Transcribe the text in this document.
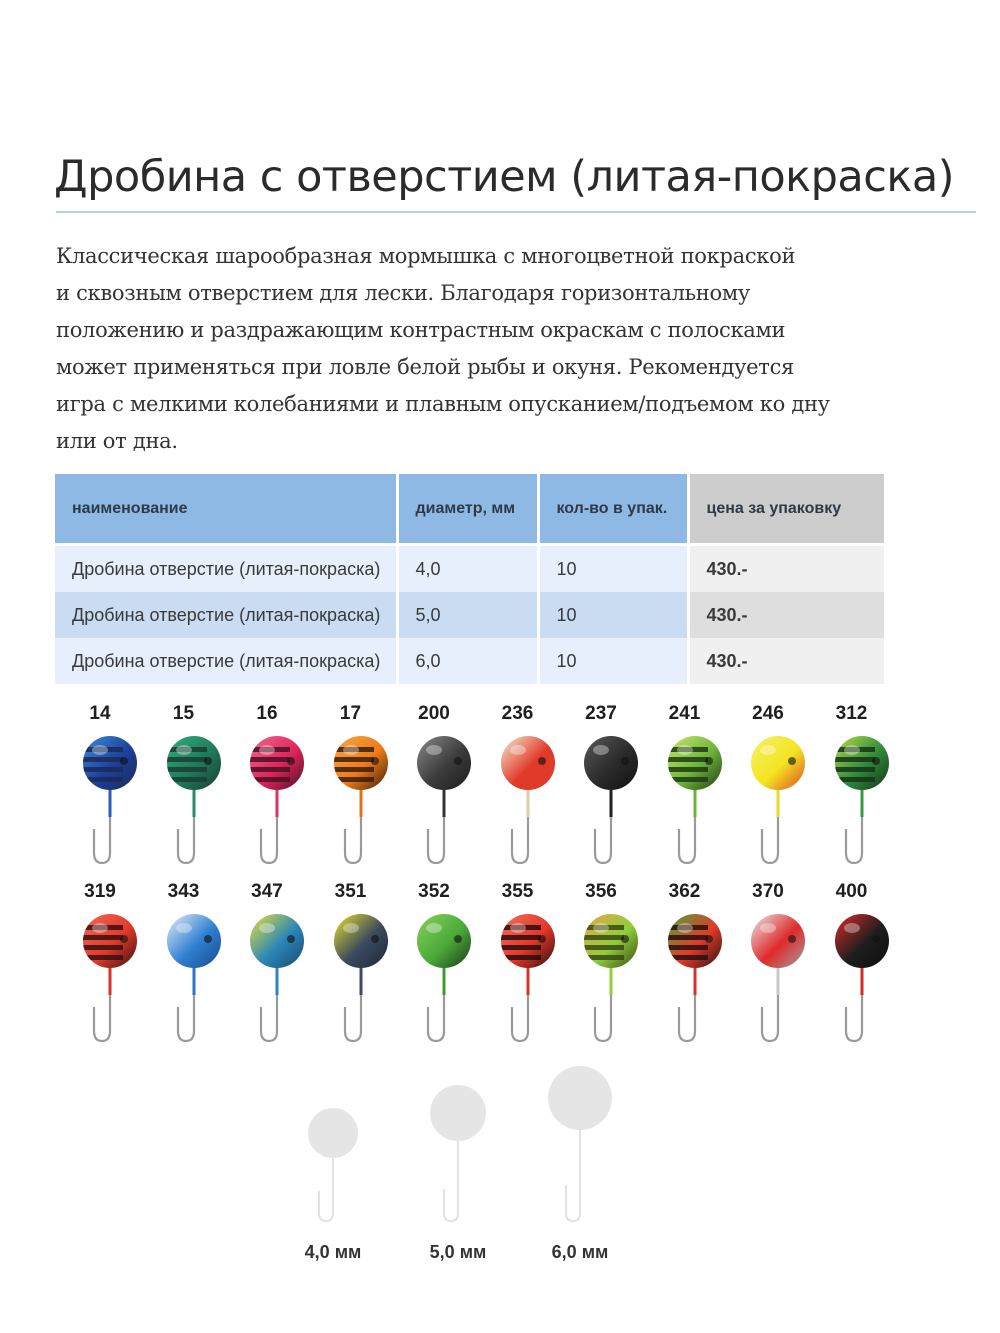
Дробина с отверстием (литая-покраска)
Классическая шарообразная мормышка с многоцветной покраской
и сквозным отверстием для лески. Благодаря горизонтальному
положению и раздражающим контрастным окраскам с полосками
может применяться при ловле белой рыбы и окуня. Рекомендуется
игра с мелкими колебаниями и плавным опусканием/подъемом ко дну
или от дна.
наименование	диаметр, мм	кол-во в упак.	цена за упаковку
Дробина отверстие (литая-покраска)	4,0	10	430.-
Дробина отверстие (литая-покраска)	5,0	10	430.-
Дробина отверстие (литая-покраска)	6,0	10	430.-
14	15	16	17	200	236	237	241	246	312
319	343	347	351	352	355	356	362	370	400
4,0 мм	5,0 мм	6,0 мм
